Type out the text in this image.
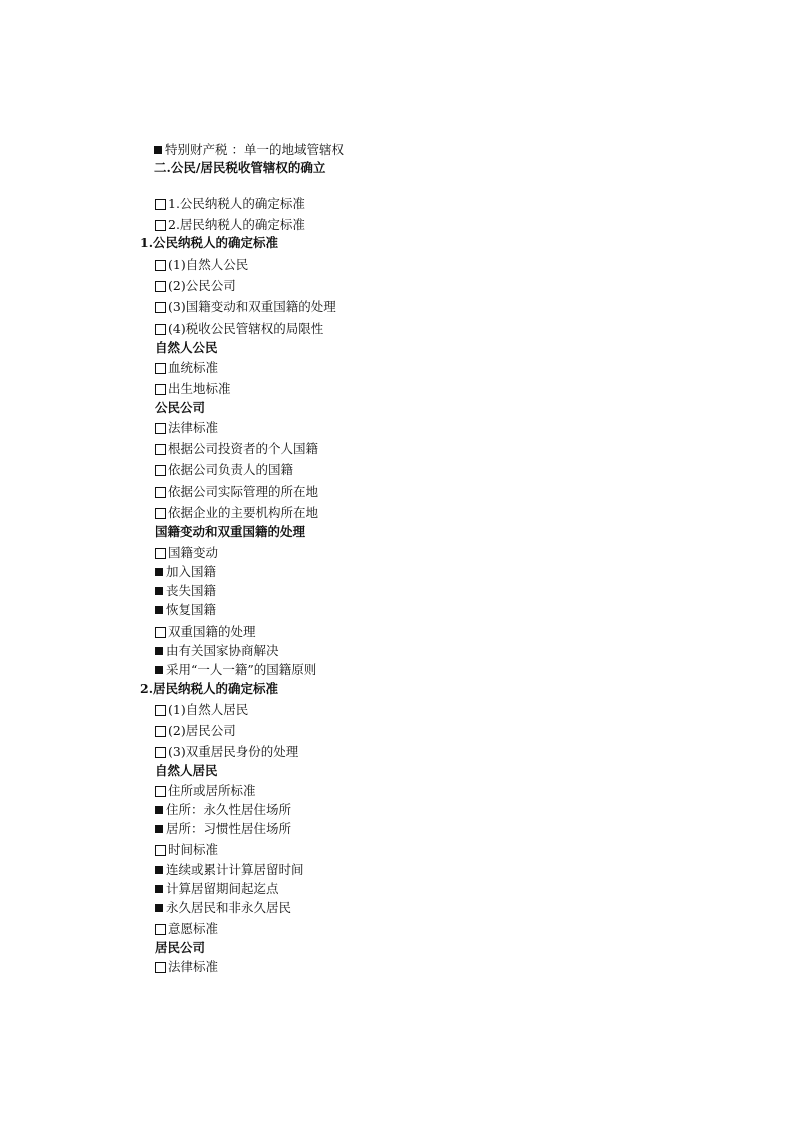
特别财产税 ：单一的地域管辖权
二.公民/居民税收管辖权的确立
1.公民纳税人的确定标准
2.居民纳税人的确定标准
1.公民纳税人的确定标准
(1)自然人公民
(2)公民公司
(3)国籍变动和双重国籍的处理
(4)税收公民管辖权的局限性
自然人公民
血统标准
出生地标准
公民公司
法律标准
根据公司投资者的个人国籍
依据公司负责人的国籍
依据公司实际管理的所在地
依据企业的主要机构所在地
国籍变动和双重国籍的处理
国籍变动
加入国籍
丧失国籍
恢复国籍
双重国籍的处理
由有关国家协商解决
采用“一人一籍”的国籍原则
2.居民纳税人的确定标准
(1)自然人居民
(2)居民公司
(3)双重居民身份的处理
自然人居民
住所或居所标准
住所：永久性居住场所
居所：习惯性居住场所
时间标准
连续或累计计算居留时间
计算居留期间起迄点
永久居民和非永久居民
意愿标准
居民公司
法律标准
